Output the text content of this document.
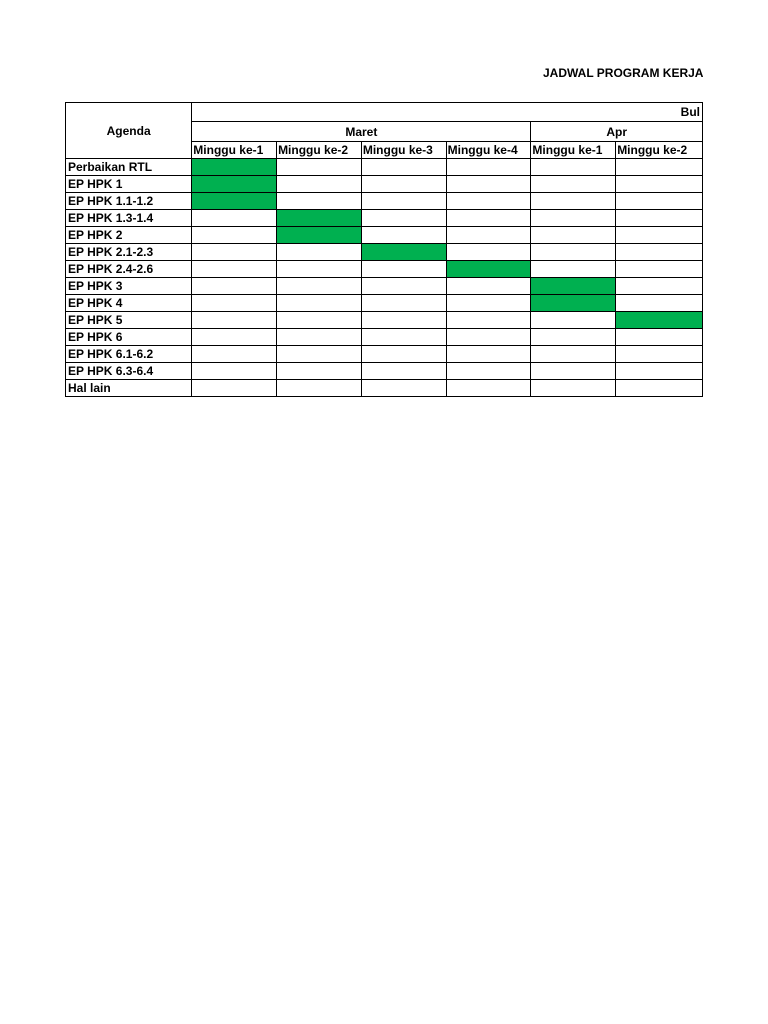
JADWAL PROGRAM KERJA
Agenda	Bul					
	Maret				Apr	
	Minggu ke-1	Minggu ke-2	Minggu ke-3	Minggu ke-4	Minggu ke-1	Minggu ke-2
Perbaikan RTL						
EP HPK 1						
EP HPK 1.1-1.2						
EP HPK 1.3-1.4						
EP HPK 2						
EP HPK 2.1-2.3						
EP HPK 2.4-2.6						
EP HPK 3						
EP HPK 4						
EP HPK 5						
EP HPK 6						
EP HPK 6.1-6.2						
EP HPK 6.3-6.4						
Hal lain						
